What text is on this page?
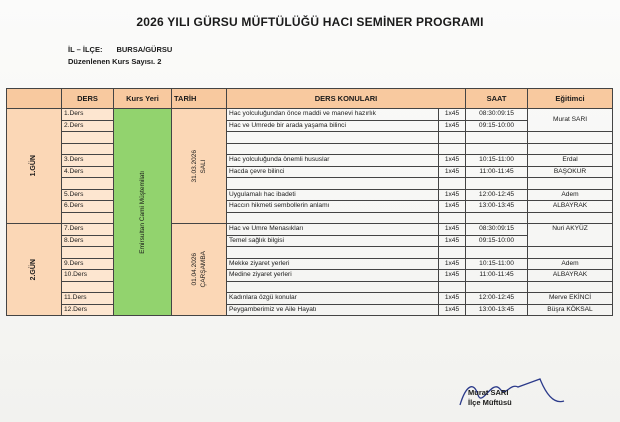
2026 YILI GÜRSU MÜFTÜLÜĞÜ HACI SEMİNER PROGRAMI
İL – İLÇE: BURSA/GÜRSU
Düzenlenen Kurs Sayısı. 2
	DERS	Kurs Yeri	TARİH	DERS KONULARI		SAAT	Eğitimci

1.GÜN	1.Ders	Emirsultan Cami Müştemilatı	31.03.2026 SALI	Hac yolculuğundan önce maddi ve manevi hazırlık	1x45	08:30:09:15	Murat SARI
	2.Ders			Hac ve Umrede bir arada yaşama bilinci	1x45	09:15-10:00	

	3.Ders			Hac yolculuğunda önemli hususlar	1x45	10:15-11:00	Erdal
	4.Ders			Hacda çevre bilinci	1x45	11:00-11:45	BAŞOKUR

	5.Ders			Uygulamalı hac ibadeti	1x45	12:00-12:45	Adem
	6.Ders			Haccın hikmeti sembollerin anlamı	1x45	13:00-13:45	ALBAYRAK

2.GÜN	7.Ders		01.04.2026 ÇARŞAMBA	Hac ve Umre Menasıkları	1x45	08:30:09:15	Nuri AKYÜZ
	8.Ders			Temel sağlık bilgisi	1x45	09:15-10:00	

	9.Ders			Mekke ziyaret yerleri	1x45	10:15-11:00	Adem
	10.Ders			Medine ziyaret yerleri	1x45	11:00-11:45	ALBAYRAK

	11.Ders			Kadınlara özgü konular	1x45	12:00-12:45	Merve EKİNCİ
	12.Ders			Peygamberimiz ve Aile Hayatı	1x45	13:00-13:45	Büşra KÖKSAL
Murat SARI
İlçe Müftüsü
